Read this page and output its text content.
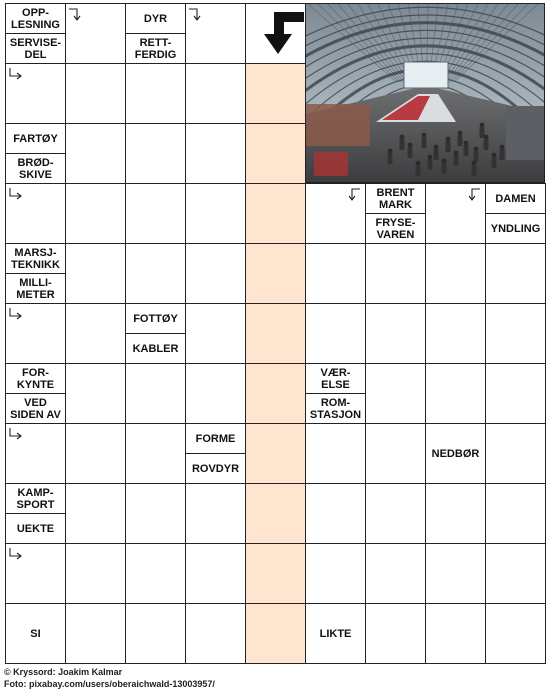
OPP-
LESNING
SERVISE-
DEL
DYR
RETT-
FERDIG
FARTØY
BRØD-
SKIVE
BRENT
MARK
FRYSE-
VAREN
DAMEN
YNDLING
MARSJ-
TEKNIKK
MILLI-
METER
FOTTØY
KABLER
FOR-
KYNTE
VED
SIDEN AV
VÆR-
ELSE
ROM-
STASJON
FORME
ROVDYR
NEDBØR
KAMP-
SPORT
UEKTE
SI	LIKTE
© Kryssord: Joakim Kalmar
Foto: pixabay.com/users/oberaichwald-13003957/
